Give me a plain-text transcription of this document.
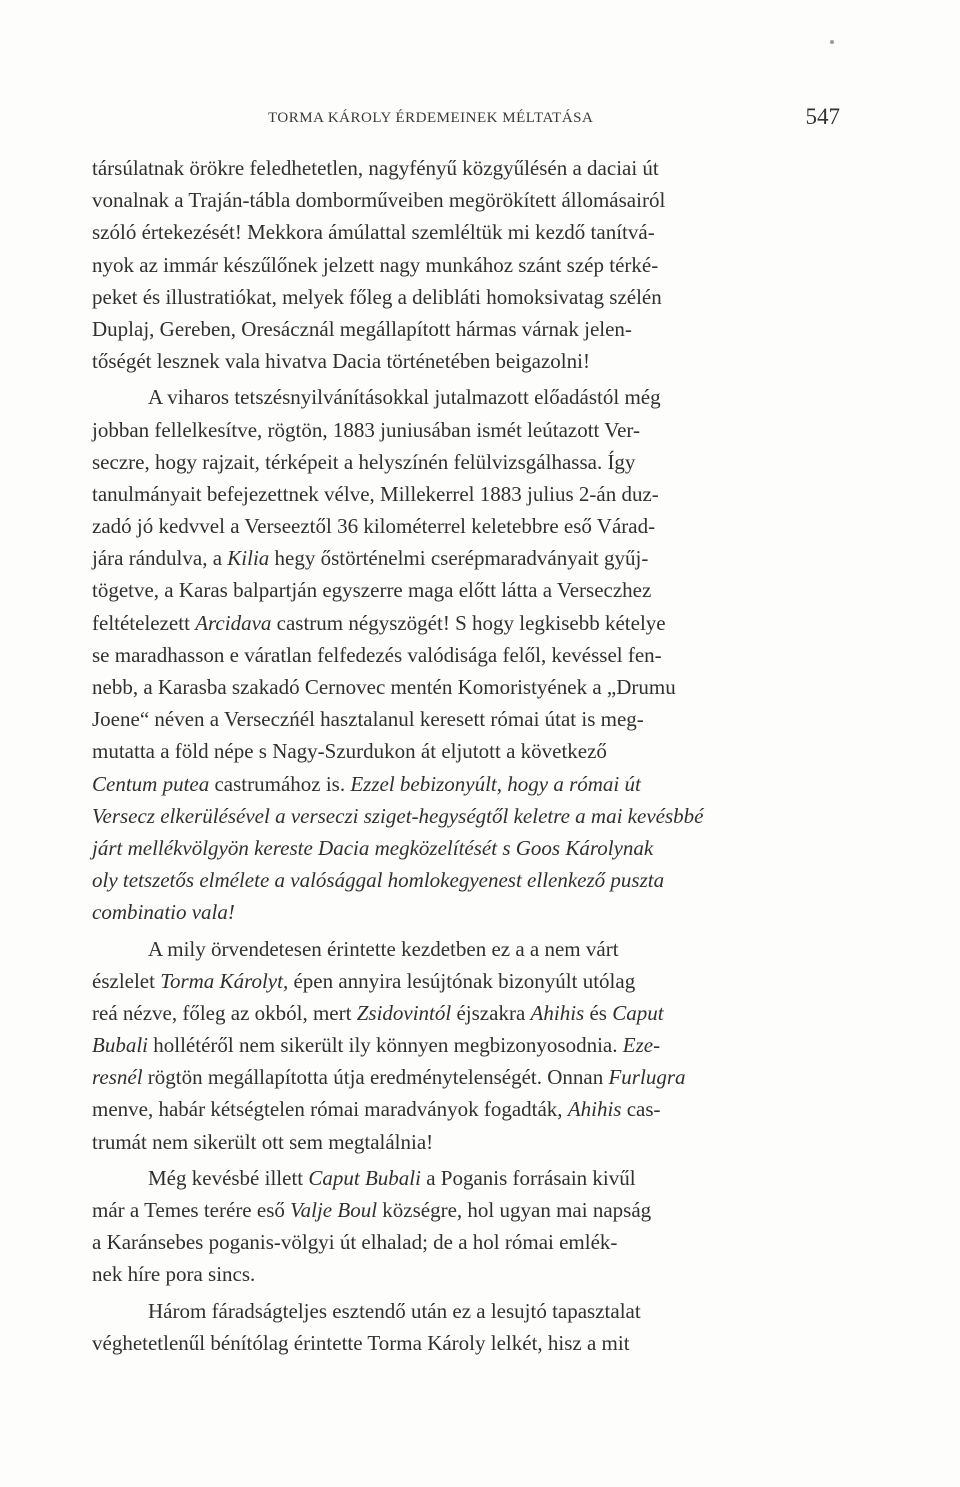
TORMA KÁROLY ÉRDEMEINEK MÉLTATÁSA	547
társúlatnak örökre feledhetetlen, nagyfényű közgyűlésén a daciai út
vonalnak a Traján-tábla domborműveiben megörökített állomásairól
szóló értekezését! Mekkora ámúlattal szemléltük mi kezdő tanítvá-
nyok az immár készűlőnek jelzett nagy munkához szánt szép térké-
peket és illustratiókat, melyek főleg a delibláti homoksivatag szélén
Duplaj, Gereben, Oresácznál megállapított hármas várnak jelen-
tőségét lesznek vala hivatva Dacia történetében beigazolni!
A viharos tetszésnyilvánításokkal jutalmazott előadástól még
jobban fellelkesítve, rögtön, 1883 juniusában ismét leútazott Ver-
seczre, hogy rajzait, térképeit a helyszínén felülvizsgálhassa. Így
tanulmányait befejezettnek vélve, Millekerrel 1883 julius 2-án duz-
zadó jó kedvvel a Verseeztől 36 kilométerrel keletebbre eső Várad-
jára rándulva, a Kilia hegy őstörténelmi cserépmaradványait gyűj-
tögetve, a Karas balpartján egyszerre maga előtt látta a Verseczhez
feltételezett Arcidava castrum négyszögét! S hogy legkisebb kételye
se maradhasson e váratlan felfedezés valódisága felől, kevéssel fen-
nebb, a Karasba szakadó Cernovec mentén Komoristyének a „Drumu
Joene“ néven a Verseczńél hasztalanul keresett római útat is meg-
mutatta a föld népe s Nagy-Szurdukon át eljutott a következő
Centum putea castrumához is. Ezzel bebizonyúlt, hogy a római út
Versecz elkerülésével a verseczi sziget-hegységtől keletre a mai kevésbbé
járt mellékvölgyön kereste Dacia megközelítését s Goos Károlynak
oly tetszetős elmélete a valósággal homlokegyenest ellenkező puszta
combinatio vala!
A mily örvendetesen érintette kezdetben ez a a nem várt
észlelet Torma Károlyt, épen annyira lesújtónak bizonyúlt utólag
reá nézve, főleg az okból, mert Zsidovintól éjszakra Ahihis és Caput
Bubali hollétéről nem sikerült ily könnyen megbizonyosodnia. Eze-
resnél rögtön megállapította útja eredménytelenségét. Onnan Furlugra
menve, habár kétségtelen római maradványok fogadták, Ahihis cas-
trumát nem sikerült ott sem megtalálnia!
Még kevésbé illett Caput Bubali a Poganis forrásain kivűl
már a Temes terére eső Valje Boul községre, hol ugyan mai napság
a Karánsebes poganis-völgyi út elhalad; de a hol római emlék-
nek híre pora sincs.
Három fáradságteljes esztendő után ez a lesujtó tapasztalat
véghetetlenűl bénítólag érintette Torma Károly lelkét, hisz a mit
